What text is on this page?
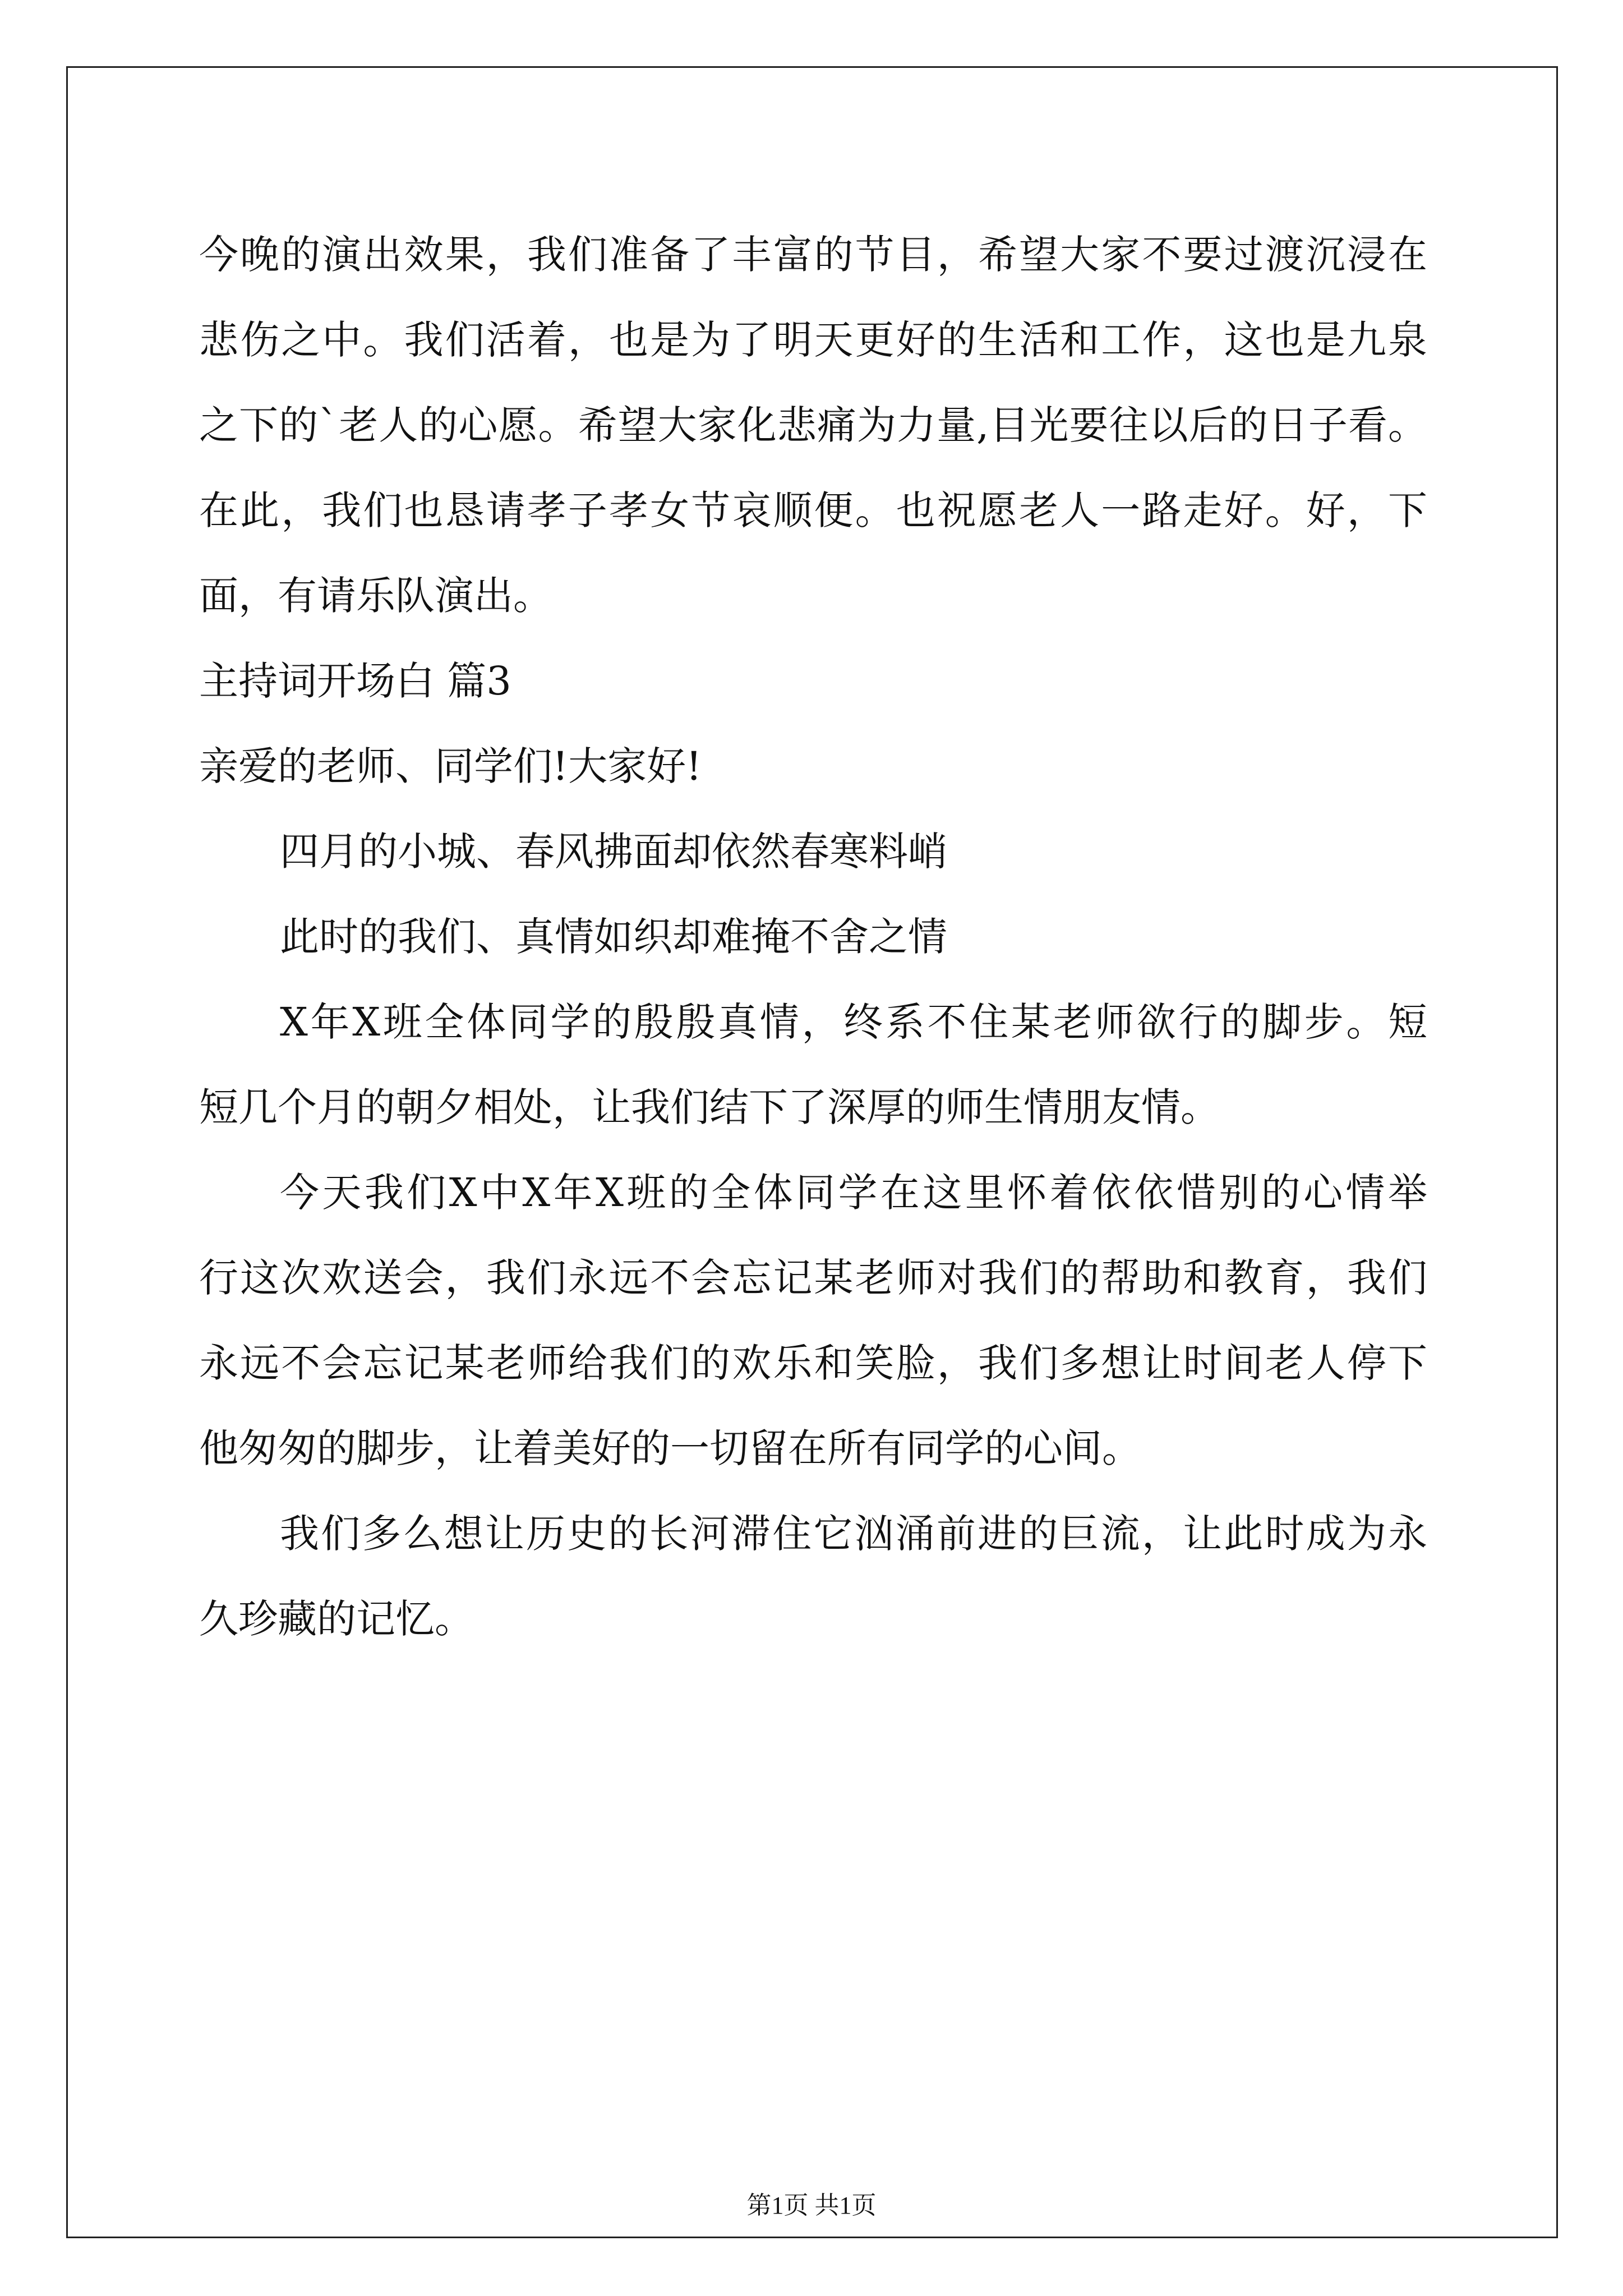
今晚的演出效果，我们准备了丰富的节目，希望大家不要过渡沉浸在
悲伤之中。我们活着，也是为了明天更好的生活和工作，这也是九泉
之下的`老人的心愿。希望大家化悲痛为力量,目光要往以后的日子看。
在此，我们也恳请孝子孝女节哀顺便。也祝愿老人一路走好。好，下
面，有请乐队演出。
主持词开场白 篇3
亲爱的老师、同学们!大家好!
四月的小城、春风拂面却依然春寒料峭
此时的我们、真情如织却难掩不舍之情
X年X班全体同学的殷殷真情，终系不住某老师欲行的脚步。短
短几个月的朝夕相处，让我们结下了深厚的师生情朋友情。
今天我们X中X年X班的全体同学在这里怀着依依惜别的心情举
行这次欢送会，我们永远不会忘记某老师对我们的帮助和教育，我们
永远不会忘记某老师给我们的欢乐和笑脸，我们多想让时间老人停下
他匆匆的脚步，让着美好的一切留在所有同学的心间。
我们多么想让历史的长河滞住它汹涌前进的巨流，让此时成为永
久珍藏的记忆。
第1页 共1页
